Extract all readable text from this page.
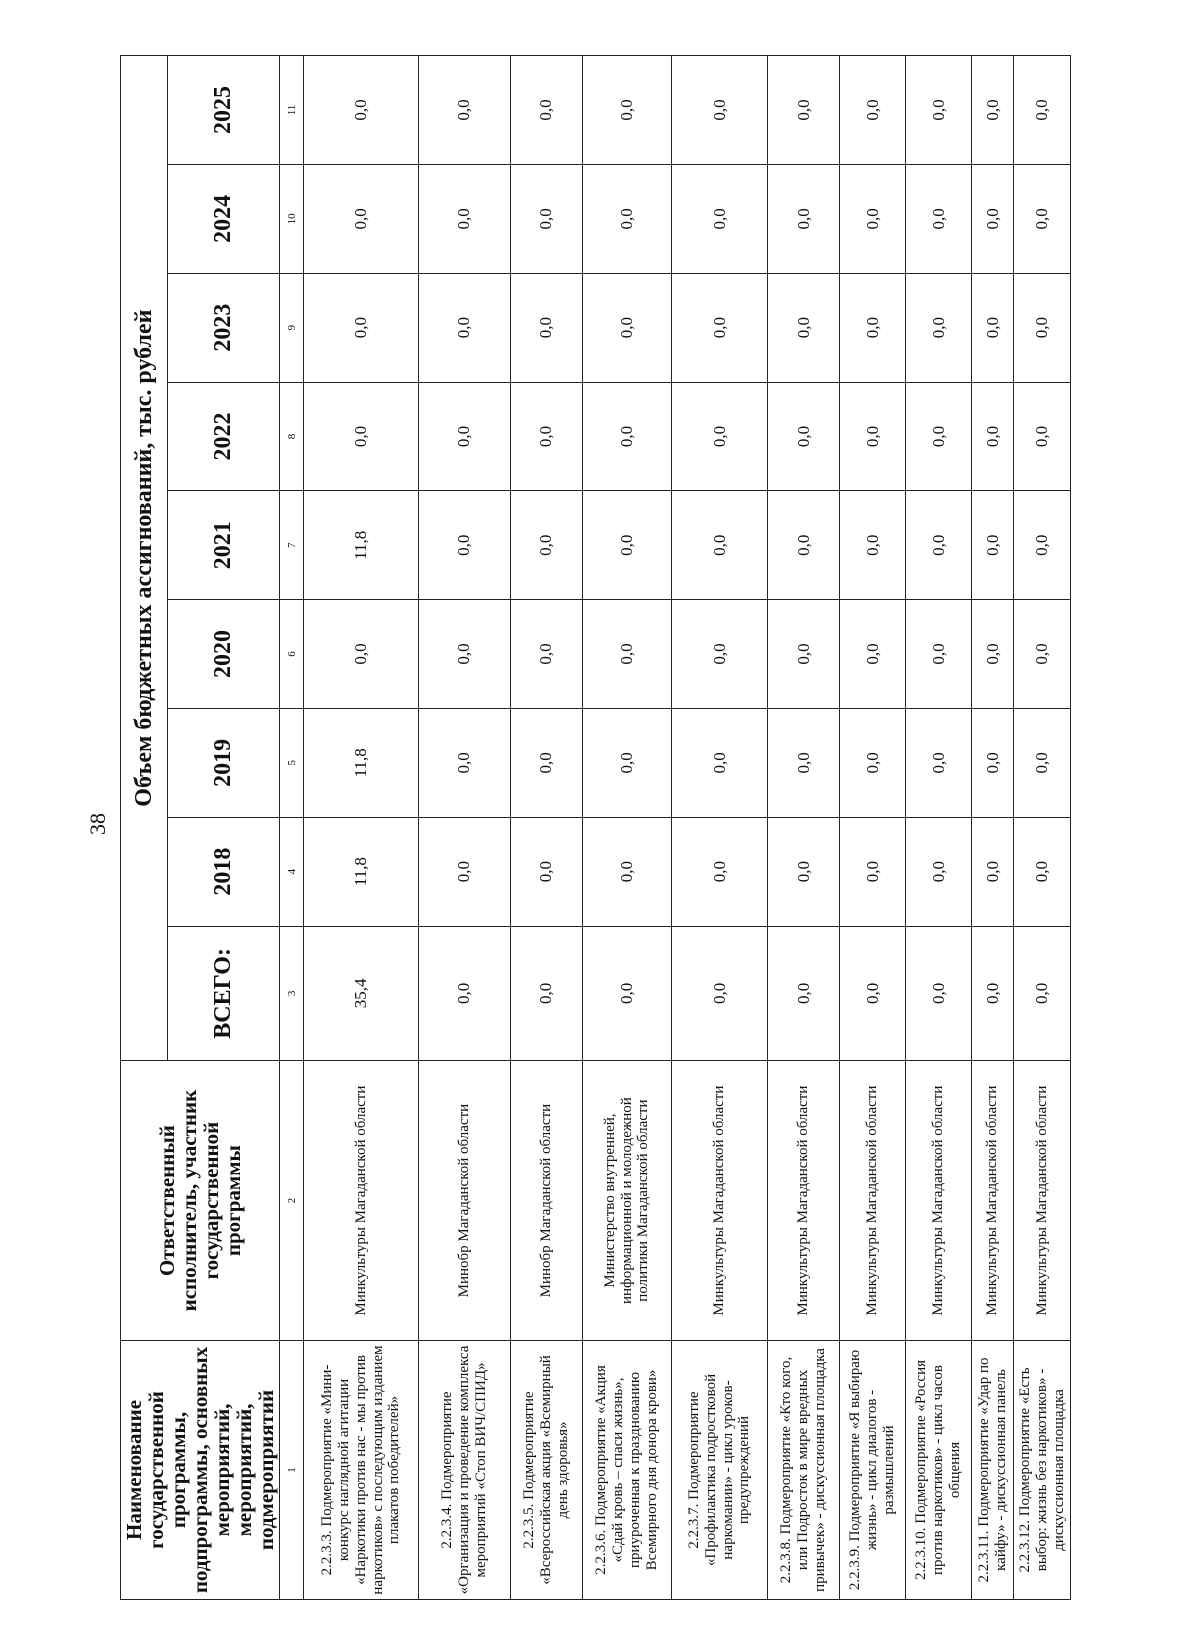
38
Наименование государственной программы, подпрограммы, основных мероприятий, мероприятий, подмероприятий	Ответственный исполнитель, участник государственной программы	Объем бюджетных ассигнований, тыс. рублей								
		ВСЕГО:	2018	2019	2020	2021	2022	2023	2024	2025
1	2	3	4	5	6	7	8	9	10	11
2.2.3.3. Подмероприятие «Мини-конкурс наглядной агитации «Наркотики против нас - мы против наркотиков» с последующим изданием плакатов победителей»	Минкультуры Магаданской области	35,4	11,8	11,8	0,0	11,8	0,0	0,0	0,0	0,0
2.2.3.4. Подмероприятие «Организация и проведение комплекса мероприятий «Стоп ВИЧ/СПИД»	Минобр Магаданской области	0,0	0,0	0,0	0,0	0,0	0,0	0,0	0,0	0,0
2.2.3.5. Подмероприятие «Всероссийская акция «Всемирный день здоровья»	Минобр Магаданской области	0,0	0,0	0,0	0,0	0,0	0,0	0,0	0,0	0,0
2.2.3.6. Подмероприятие «Акция «Сдай кровь – спаси жизнь», приуроченная к празднованию Всемирного дня донора крови»	Министерство внутренней, информационной и молодежной политики Магаданской области	0,0	0,0	0,0	0,0	0,0	0,0	0,0	0,0	0,0
2.2.3.7. Подмероприятие «Профилактика подростковой наркомании» - цикл уроков-предупреждений	Минкультуры Магаданской области	0,0	0,0	0,0	0,0	0,0	0,0	0,0	0,0	0,0
2.2.3.8. Подмероприятие «Кто кого, или Подросток в мире вредных привычек» - дискуссионная площадка	Минкультуры Магаданской области	0,0	0,0	0,0	0,0	0,0	0,0	0,0	0,0	0,0
2.2.3.9. Подмероприятие «Я выбираю жизнь» - цикл диалогов - размышлений	Минкультуры Магаданской области	0,0	0,0	0,0	0,0	0,0	0,0	0,0	0,0	0,0
2.2.3.10. Подмероприятие «Россия против наркотиков» - цикл часов общения	Минкультуры Магаданской области	0,0	0,0	0,0	0,0	0,0	0,0	0,0	0,0	0,0
2.2.3.11. Подмероприятие «Удар по кайфу» - дискуссионная панель	Минкультуры Магаданской области	0,0	0,0	0,0	0,0	0,0	0,0	0,0	0,0	0,0
2.2.3.12. Подмероприятие «Есть выбор: жизнь без наркотиков» - дискуссионная площадка	Минкультуры Магаданской области	0,0	0,0	0,0	0,0	0,0	0,0	0,0	0,0	0,0
